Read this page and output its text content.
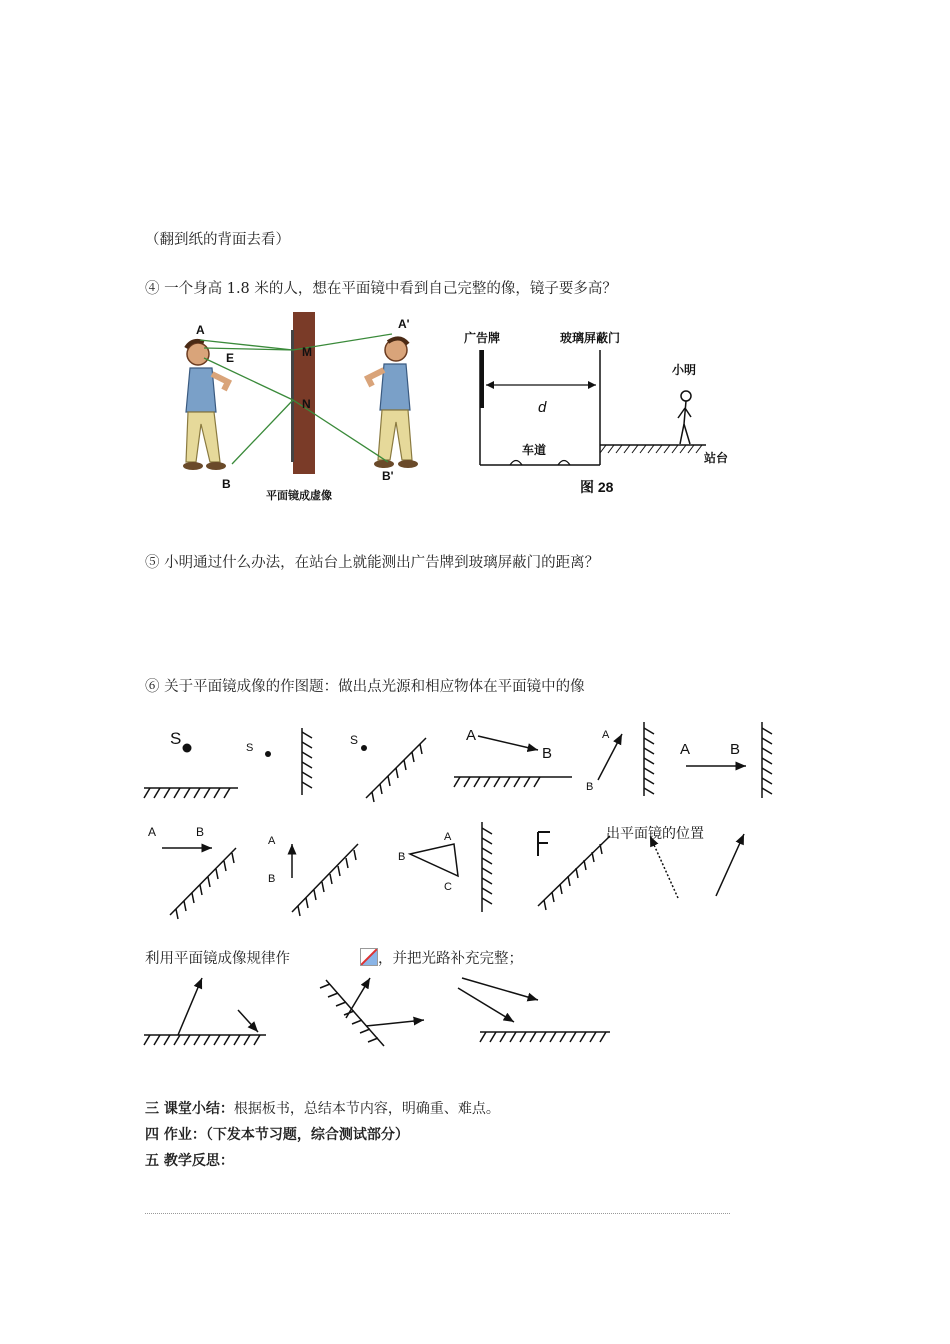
（翻到纸的背面去看）
④ 一个身高 1.8 米的人，想在平面镜中看到自己完整的像，镜子要多高？
A
E	M
N
B
A'
B'
平面镜成虚像
广告牌	玻璃屏蔽门
d
车道
小明
站台
图 28
⑤ 小明通过什么办法，在站台上就能测出广告牌到玻璃屏蔽门的距离？
⑥ 关于平面镜成像的作图题：做出点光源和相应物体在平面镜中的像
S	S
S	A
B
A
B
A	B
A	B
A
B
B
A
C
出平面镜的位置
利用平面镜成像规律作	，并把光路补充完整；
三 课堂小结：根据板书，总结本节内容，明确重、难点。
四 作业：（下发本节习题，综合测试部分）
五 教学反思：
